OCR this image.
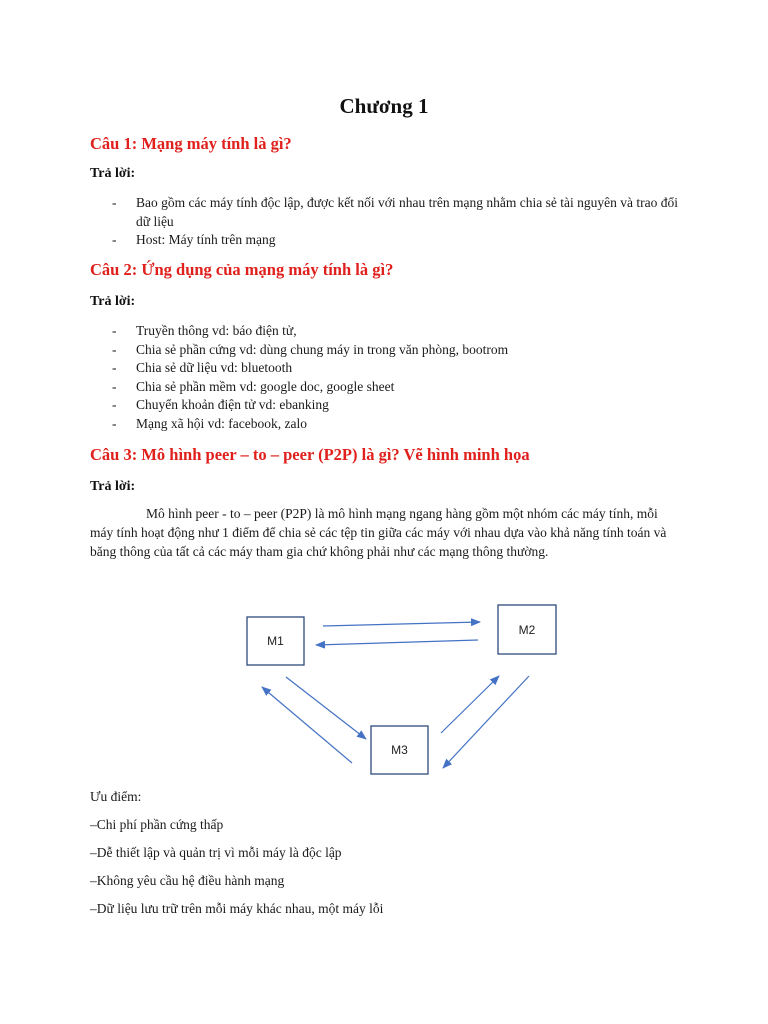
Chương 1
Câu 1: Mạng máy tính là gì?
Trả lời:
- Bao gồm các máy tính độc lập, được kết nối với nhau trên mạng nhằm chia sẻ tài nguyên và trao đổi dữ liệu
- Host: Máy tính trên mạng
Câu 2: Ứng dụng của mạng máy tính là gì?
Trả lời:
- Truyền thông vd: báo điện tử,
- Chia sẻ phần cứng vd: dùng chung máy in trong văn phòng, bootrom
- Chia sẻ dữ liệu vd: bluetooth
- Chia sẻ phần mềm vd: google doc, google sheet
- Chuyển khoản điện tử vd: ebanking
- Mạng xã hội vd: facebook, zalo
Câu 3: Mô hình peer – to – peer (P2P) là gì? Vẽ hình minh họa
Trả lời:

Mô hình peer - to – peer (P2P) là mô hình mạng ngang hàng gồm một nhóm các máy tính, mỗi máy tính hoạt động như 1 điểm để chia sẻ các tệp tin giữa các máy với nhau dựa vào khả năng tính toán và băng thông của tất cả các máy tham gia chứ không phải như các mạng thông thường.

M1
M2
M3
Ưu điểm:
–Chi phí phần cứng thấp
–Dễ thiết lập và quản trị vì mỗi máy là độc lập
–Không yêu cầu hệ điều hành mạng
–Dữ liệu lưu trữ trên mỗi máy khác nhau, một máy lỗi
